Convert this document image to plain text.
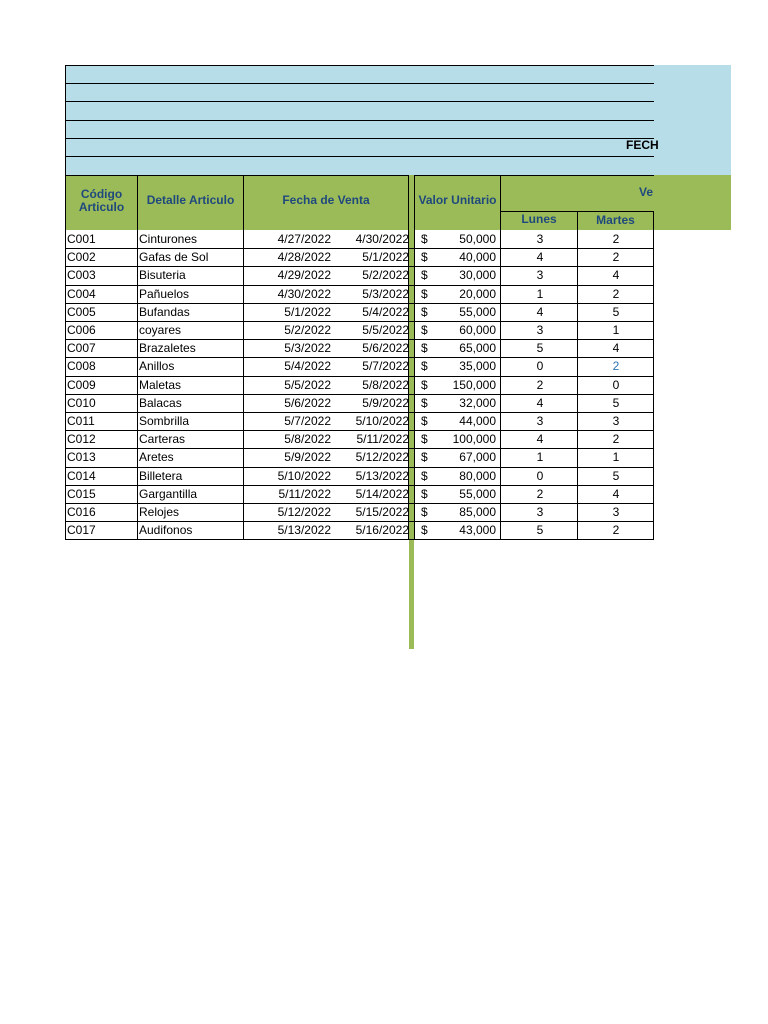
FECH
Código Articulo	Detalle Articulo	Fecha de Venta	Valor Unitario
Ve
Lunes	Martes
C001	Cinturones	4/27/2022	4/30/2022 $	50,000	3	2
C002	Gafas de Sol	4/28/2022	5/1/2022 $	40,000	4	2
C003	Bisuteria	4/29/2022	5/2/2022 $	30,000	3	4
C004	Pañuelos	4/30/2022	5/3/2022 $	20,000	1	2
C005	Bufandas	5/1/2022	5/4/2022 $	55,000	4	5
C006	coyares	5/2/2022	5/5/2022 $	60,000	3	1
C007	Brazaletes	5/3/2022	5/6/2022 $	65,000	5	4
C008	Anillos	5/4/2022	5/7/2022 $	35,000	0	2
C009	Maletas	5/5/2022	5/8/2022 $	150,000	2	0
C010	Balacas	5/6/2022	5/9/2022 $	32,000	4	5
C011	Sombrilla	5/7/2022	5/10/2022 $	44,000	3	3
C012	Carteras	5/8/2022	5/11/2022 $	100,000	4	2
C013	Aretes	5/9/2022	5/12/2022 $	67,000	1	1
C014	Billetera	5/10/2022	5/13/2022 $	80,000	0	5
C015	Gargantilla	5/11/2022	5/14/2022 $	55,000	2	4
C016	Relojes	5/12/2022	5/15/2022 $	85,000	3	3
C017	Audifonos	5/13/2022	5/16/2022 $	43,000	5	2
